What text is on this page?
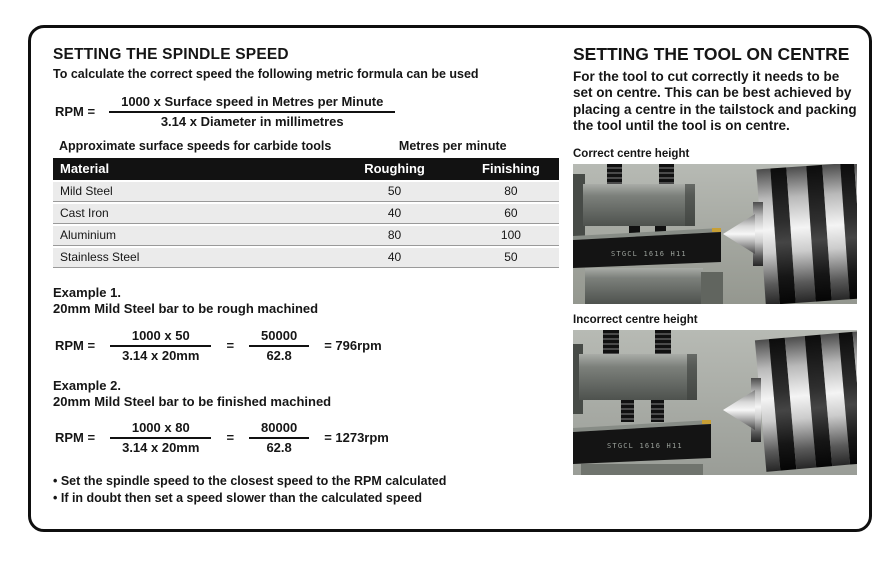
SETTING THE SPINDLE SPEED
To calculate the correct speed the following metric formula can be used
RPM = $\frac{\text{1000 x Surface speed in Metres per Minute}}{\text{3.14 x Diameter in millimetres}}$
Approximate surface speeds for carbide tools	Metres per minute
Material	Roughing	Finishing
Mild Steel	50	80
Cast Iron	40	60
Aluminium	80	100
Stainless Steel	40	50
Example 1.
20mm Mild Steel bar to be rough machined
RPM = $\frac{1000 x 50}{3.14 x 20mm} = \frac{50000}{62.8} = 796rpm$
Example 2.
20mm Mild Steel bar to be finished machined
RPM = $\frac{1000 x 80}{3.14 x 20mm} = \frac{80000}{62.8} = 1273rpm$
• Set the spindle speed to the closest speed to the RPM calculated
• If in doubt then set a speed slower than the calculated speed
SETTING THE TOOL ON CENTRE
For the tool to cut correctly it needs to be set on centre. This can be best achieved by placing a centre in the tailstock and packing the tool until the tool is on centre.
Correct centre height
STGCL 1616 H11
Incorrect centre height
STGCL 1616 H11
